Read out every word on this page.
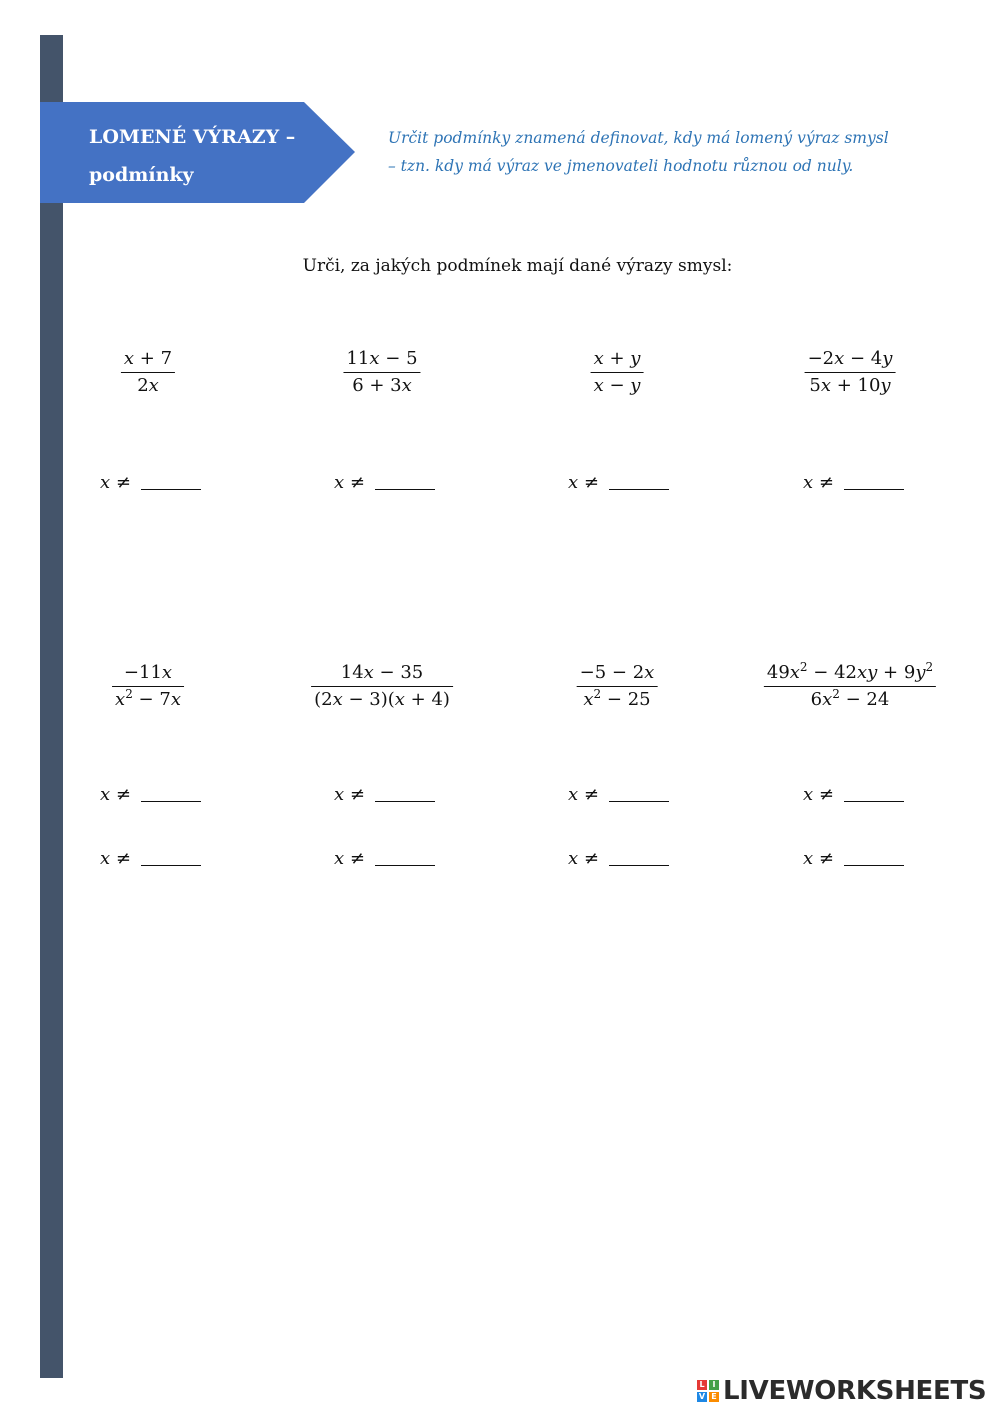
LOMENÉ VÝRAZY –
podmínky
Určit podmínky znamená definovat, kdy má lomený výraz smysl
– tzn. kdy má výraz ve jmenovateli hodnotu různou od nuly.
Urči, za jakých podmínek mají dané výrazy smysl:
x + 7
2x
x ≠
11x − 5
6 + 3x
x ≠
x + y
x − y
x ≠
−2x − 4y
5x + 10y
x ≠
−11x
$x^2 - 7x$
x ≠
x ≠
14x − 35
(2x − 3)(x + 4)
x ≠
x ≠
−5 − 2x
$x^2 - 25$
x ≠
x ≠
$49x^2 - 42xy + 9y^2$
$6x^2 - 24$
x ≠
x ≠
L I
V E LIVEWORKSHEETS
